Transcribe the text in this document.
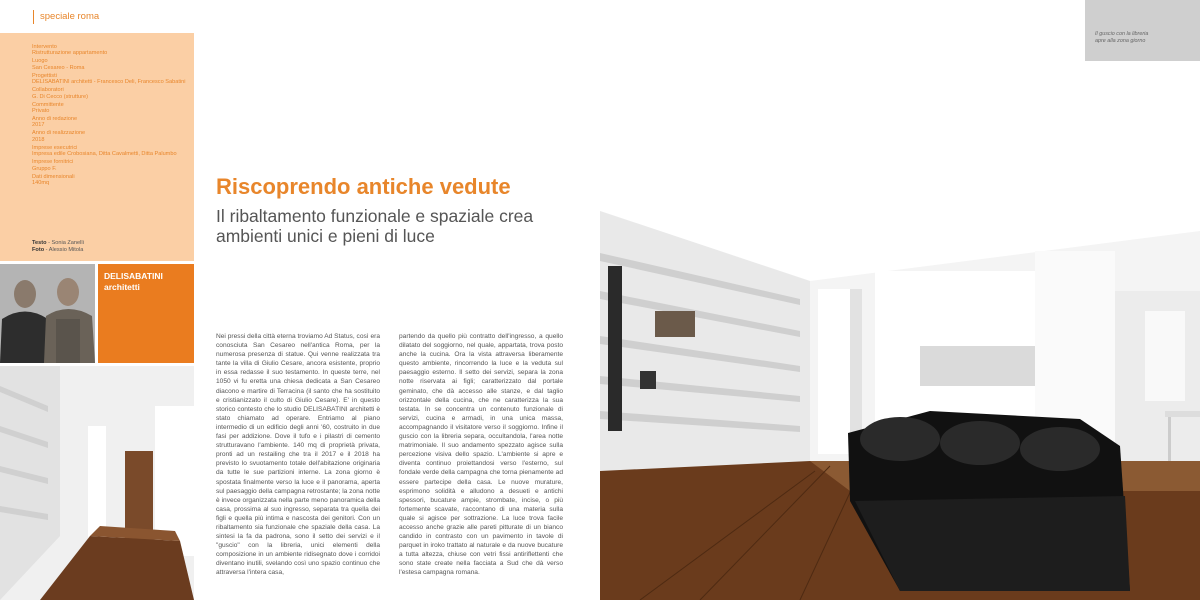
speciale roma
Intervento
Ristrutturazione appartamento
Luogo
San Cesareo - Roma
Progettisti
DELISABATINI architetti - Francesco Deli, Francesco Sabatini
Collaboratori
G. Di Cecco (strutture)
Committente
Privato
Anno di redazione
2017
Anno di realizzazione
2018
Imprese esecutrici
Impresa edile Crobosiana, Ditta Cavalmetti, Ditta Palumbo
Imprese fornitrici
Gruppo F.
Dati dimensionali
140mq
Testo - Sonia Zanelli
Foto - Alessio Mitola
DELISABATINI
architetti
Riscoprendo antiche vedute
Il ribaltamento funzionale e spaziale crea ambienti unici e pieni di luce
Nei pressi della città eterna troviamo Ad Status, così era conosciuta San Cesareo nell'antica Roma, per la numerosa presenza di statue. Qui venne realizzata tra tante la villa di Giulio Cesare, ancora esistente, proprio in essa redasse il suo testamento. In queste terre, nel 1050 vi fu eretta una chiesa dedicata a San Cesareo diacono e martire di Terracina (il santo che ha sostituito e cristianizzato il culto di Giulio Cesare). E' in questo storico contesto che lo studio DELISABATINI architetti è stato chiamato ad operare. Entriamo al piano intermedio di un edificio degli anni '60, costruito in due fasi per addizione. Dove il tufo e i pilastri di cemento strutturavano l'ambiente. 140 mq di proprietà privata, pronti ad un restailing che tra il 2017 e il 2018 ha previsto lo svuotamento totale dell'abitazione originaria da tutte le sue partizioni interne. La zona giorno è spostata finalmente verso la luce e il panorama, aperta sul paesaggio della campagna retrostante; la zona notte è invece organizzata nella parte meno panoramica della casa, prossima al suo ingresso, separata tra quella dei figli e quella più intima e nascosta dei genitori. Con un ribaltamento sia funzionale che spaziale della casa. La sintesi la fa da padrona, sono il setto dei servizi e il "guscio" con la libreria, unici elementi della composizione in un ambiente ridisegnato dove i corridoi diventano inutili, svelando così uno spazio continuo che attraversa l'intera casa,
partendo da quello più contratto dell'ingresso, a quello dilatato del soggiorno, nel quale, appartata, trova posto anche la cucina. Ora la vista attraversa liberamente questo ambiente, rincorrendo la luce e la veduta sul paesaggio esterno. Il setto dei servizi, separa la zona notte riservata ai figli; caratterizzato dal portale geminato, che dà accesso alle stanze, e dal taglio orizzontale della cucina, che ne caratterizza la sua testata. In se concentra un contenuto funzionale di servizi, cucina e armadi, in una unica massa, accompagnando il visitatore verso il soggiorno. Infine il guscio con la libreria separa, occultandola, l'area notte matrimoniale. Il suo andamento spezzato agisce sulla percezione visiva dello spazio. L'ambiente si apre e diventa continuo proiettandosi verso l'esterno, sul fondale verde della campagna che torna pienamente ad essere partecipe della casa. Le nuove murature, esprimono solidità e alludono a desueti e antichi spessori, bucature ampie, strombate, incise, o più fortemente scavate, raccontano di una materia sulla quale si agisce per sottrazione. La luce trova facile accesso anche grazie alle pareti pitturate di un bianco candido in contrasto con un pavimento in tavole di parquet in iroko trattato al naturale e da nuove bucature a tutta altezza, chiuse con vetri fissi antiriflettenti che sono state create nella facciata a Sud che dà verso l'estesa campagna romana.
Il guscio con la libreria
apre alla zona giorno
